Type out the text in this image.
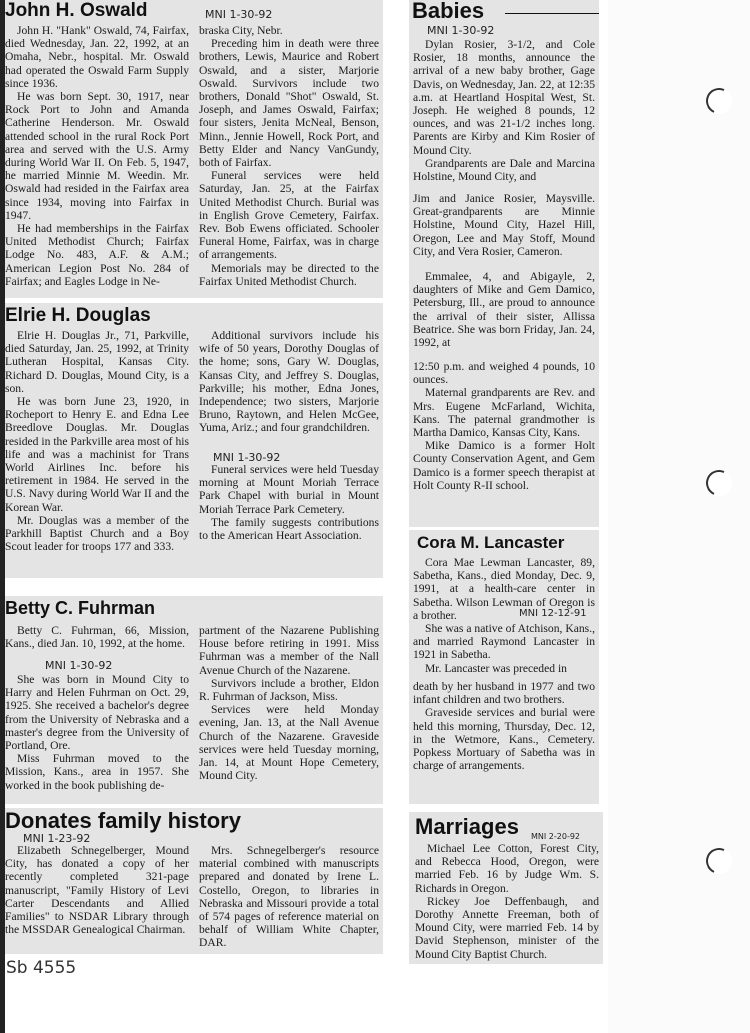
John H. Oswald	MNI 1-30-92

John H. "Hank" Oswald, 74, Fairfax, died Wednesday, Jan. 22, 1992, at an Omaha, Nebr., hospital. Mr. Oswald had operated the Oswald Farm Supply since 1936.

He was born Sept. 30, 1917, near Rock Port to John and Amanda Catherine Henderson. Mr. Oswald attended school in the rural Rock Port area and served with the U.S. Army during World War II. On Feb. 5, 1947, he married Minnie M. Weedin. Mr. Oswald had resided in the Fairfax area since 1934, moving into Fairfax in 1947.

He had memberships in the Fairfax United Methodist Church; Fairfax Lodge No. 483, A.F. & A.M.; American Legion Post No. 284 of Fairfax; and Eagles Lodge in Ne-

braska City, Nebr.

Preceding him in death were three brothers, Lewis, Maurice and Robert Oswald, and a sister, Marjorie Oswald. Survivors include two brothers, Donald "Shot" Oswald, St. Joseph, and James Oswald, Fairfax; four sisters, Jenita McNeal, Benson, Minn., Jennie Howell, Rock Port, and Betty Elder and Nancy VanGundy, both of Fairfax.

Funeral services were held Saturday, Jan. 25, at the Fairfax United Methodist Church. Burial was in English Grove Cemetery, Fairfax. Rev. Bob Ewens officiated. Schooler Funeral Home, Fairfax, was in charge of arrangements.

Memorials may be directed to the Fairfax United Methodist Church.

Elrie H. Douglas

Elrie H. Douglas Jr., 71, Parkville, died Saturday, Jan. 25, 1992, at Trinity Lutheran Hospital, Kansas City. Richard D. Douglas, Mound City, is a son.

He was born June 23, 1920, in Rocheport to Henry E. and Edna Lee Breedlove Douglas. Mr. Douglas resided in the Parkville area most of his life and was a machinist for Trans World Airlines Inc. before his retirement in 1984. He served in the U.S. Navy during World War II and the Korean War.

Mr. Douglas was a member of the Parkhill Baptist Church and a Boy Scout leader for troops 177 and 333.

Additional survivors include his wife of 50 years, Dorothy Douglas of the home; sons, Gary W. Douglas, Kansas City, and Jeffrey S. Douglas, Parkville; his mother, Edna Jones, Independence; two sisters, Marjorie Bruno, Raytown, and Helen McGee, Yuma, Ariz.; and four grandchildren.

MNI 1-30-92

Funeral services were held Tuesday morning at Mount Moriah Terrace Park Chapel with burial in Mount Moriah Terrace Park Cemetery.

The family suggests contributions to the American Heart Association.

Betty C. Fuhrman

Betty C. Fuhrman, 66, Mission, Kans., died Jan. 10, 1992, at the home.

MNI 1-30-92

She was born in Mound City to Harry and Helen Fuhrman on Oct. 29, 1925. She received a bachelor's degree from the University of Nebraska and a master's degree from the University of Portland, Ore.

Miss Fuhrman moved to the Mission, Kans., area in 1957. She worked in the book publishing de-

partment of the Nazarene Publishing House before retiring in 1991. Miss Fuhrman was a member of the Nall Avenue Church of the Nazarene.

Survivors include a brother, Eldon R. Fuhrman of Jackson, Miss.

Services were held Monday evening, Jan. 13, at the Nall Avenue Church of the Nazarene. Graveside services were held Tuesday morning, Jan. 14, at Mount Hope Cemetery, Mound City.

Donates family history
MNI 1-23-92

Elizabeth Schnegelberger, Mound City, has donated a copy of her recently completed 321-page manuscript, "Family History of Levi Carter Descendants and Allied Families" to NSDAR Library through the MSSDAR Genealogical Chairman.

Mrs. Schnegelberger's resource material combined with manuscripts prepared and donated by Irene L. Costello, Oregon, to libraries in Nebraska and Missouri provide a total of 574 pages of reference material on behalf of William White Chapter, DAR.

Babies
MNI 1-30-92

Dylan Rosier, 3-1/2, and Cole Rosier, 18 months, announce the arrival of a new baby brother, Gage Davis, on Wednesday, Jan. 22, at 12:35 a.m. at Heartland Hospital West, St. Joseph. He weighed 8 pounds, 12 ounces, and was 21-1/2 inches long. Parents are Kirby and Kim Rosier of Mound City.

Grandparents are Dale and Marcina Holstine, Mound City, and

Jim and Janice Rosier, Maysville. Great-grandparents are Minnie Holstine, Mound City, Hazel Hill, Oregon, Lee and May Stoff, Mound City, and Vera Rosier, Cameron.

Emmalee, 4, and Abigayle, 2, daughters of Mike and Gem Damico, Petersburg, Ill., are proud to announce the arrival of their sister, Allissa Beatrice. She was born Friday, Jan. 24, 1992, at

12:50 p.m. and weighed 4 pounds, 10 ounces.

Maternal grandparents are Rev. and Mrs. Eugene McFarland, Wichita, Kans. The paternal grandmother is Martha Damico, Kansas City, Kans.

Mike Damico is a former Holt County Conservation Agent, and Gem Damico is a former speech therapist at Holt County R-II school.

Cora M. Lancaster

Cora Mae Lewman Lancaster, 89, Sabetha, Kans., died Monday, Dec. 9, 1991, at a health-care center in Sabetha. Wilson Lewman of Oregon is a brother.	MNI 12-12-91

She was a native of Atchison, Kans., and married Raymond Lancaster in 1921 in Sabetha.

Mr. Lancaster was preceded in

death by her husband in 1977 and two infant children and two brothers.

Graveside services and burial were held this morning, Thursday, Dec. 12, in the Wetmore, Kans., Cemetery. Popkess Mortuary of Sabetha was in charge of arrangements.

Marriages MNI 2-20-92

Michael Lee Cotton, Forest City, and Rebecca Hood, Oregon, were married Feb. 16 by Judge Wm. S. Richards in Oregon.

Rickey Joe Deffenbaugh, and Dorothy Annette Freeman, both of Mound City, were married Feb. 14 by David Stephenson, minister of the Mound City Baptist Church.

Sb 4555
